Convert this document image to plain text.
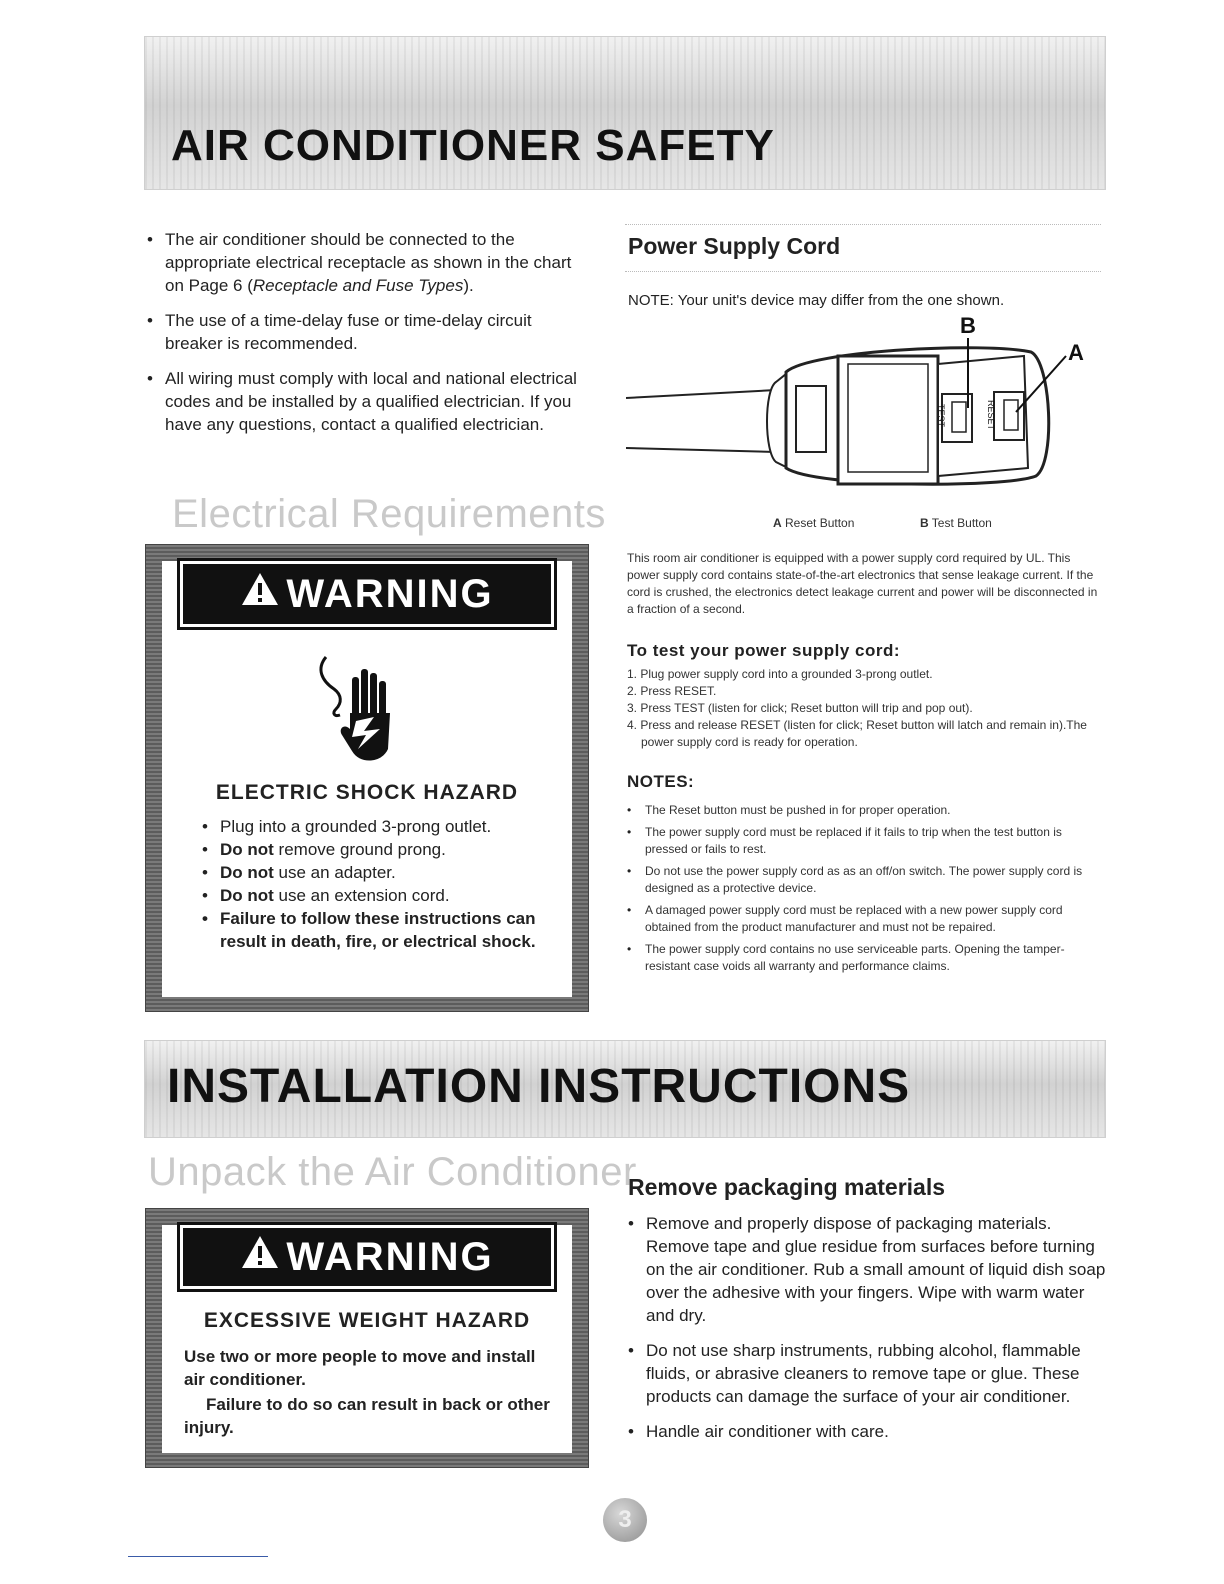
AIR CONDITIONER SAFETY
• The air conditioner should be connected to the appropriate electrical receptacle as shown in the chart on Page 6 (Receptacle and Fuse Types).
• The use of a time-delay fuse or time-delay circuit breaker is recommended.
• All wiring must comply with local and national electrical codes and be installed by a qualified electrician. If you have any questions, contact a qualified electrician.
Electrical Requirements
WARNING
ELECTRIC SHOCK HAZARD
• Plug into a grounded 3-prong outlet.
• Do not remove ground prong.
• Do not use an adapter.
• Do not use an extension cord.
• Failure to follow these instructions can result in death, fire, or electrical shock.
Power Supply Cord
NOTE: Your unit's device may differ from the one shown.
TEST	RESET
B
A
A Reset Button	B Test Button

This room air conditioner is equipped with a power supply cord required by UL. This power supply cord contains state-of-the-art electronics that sense leakage current. If the cord is crushed, the electronics detect leakage current and power will be disconnected in a fraction of a second.

To test your power supply cord:
1. Plug power supply cord into a grounded 3-prong outlet.
2. Press RESET.
3. Press TEST (listen for click; Reset button will trip and pop out).
4. Press and release RESET (listen for click; Reset button will latch and remain in).The power supply cord is ready for operation.
NOTES:
• The Reset button must be pushed in for proper operation.
• The power supply cord must be replaced if it fails to trip when the test button is pressed or fails to rest.
• Do not use the power supply cord as as an off/on switch. The power supply cord is designed as a protective device.
• A damaged power supply cord must be replaced with a new power supply cord obtained from the product manufacturer and must not be repaired.
• The power supply cord contains no use serviceable parts. Opening the tamper-resistant case voids all warranty and performance claims.
INSTALLATION INSTRUCTIONS
Unpack the Air Conditioner
WARNING
EXCESSIVE WEIGHT HAZARD

Use two or more people to move and install air conditioner.

Failure to do so can result in back or other injury.

Remove packaging materials
• Remove and properly dispose of packaging materials. Remove tape and glue residue from surfaces before turning on the air conditioner. Rub a small amount of liquid dish soap over the adhesive with your fingers. Wipe with warm water and dry.
• Do not use sharp instruments, rubbing alcohol, flammable fluids, or abrasive cleaners to remove tape or glue. These products can damage the surface of your air conditioner.
• Handle air conditioner with care.
3
